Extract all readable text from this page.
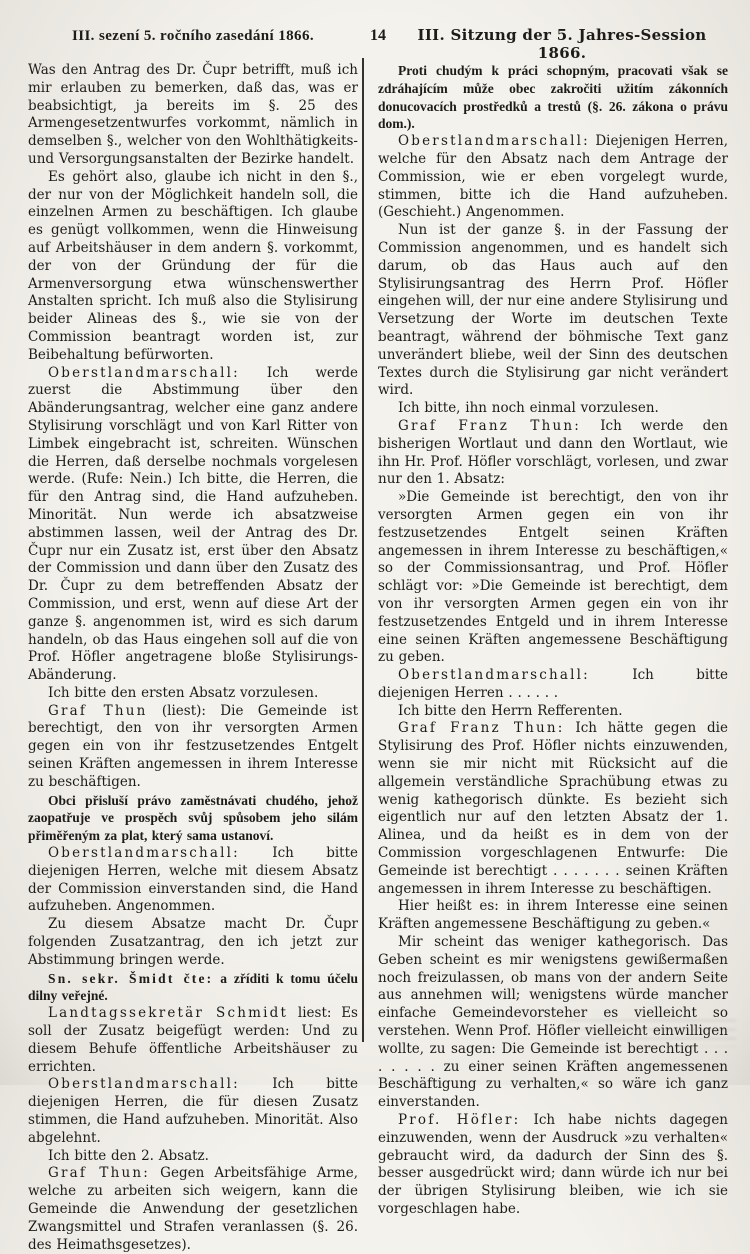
III. sezení 5. ročního zasedání 1866.	14	III. Sitzung der 5. Jahres-Session 1866.

Was den Antrag des Dr. Čupr betrifft, muß ich mir erlauben zu bemerken, daß das, was er beabsichtigt, ja bereits im §. 25 des Armengesetzentwurfes vorkommt, nämlich in demselben §., welcher von den Wohlthätigkeits- und Versorgungsanstalten der Bezirke handelt.

Es gehört also, glaube ich nicht in den §., der nur von der Möglichkeit handeln soll, die einzelnen Armen zu beschäftigen. Ich glaube es genügt vollkommen, wenn die Hinweisung auf Arbeitshäuser in dem andern §. vorkommt, der von der Gründung der für die Armenversorgung etwa wünschenswerther Anstalten spricht. Ich muß also die Stylisirung beider Alineas des §., wie sie von der Commission beantragt worden ist, zur Beibehaltung befürworten.

Oberstlandmarschall: Ich werde zuerst die Abstimmung über den Abänderungsantrag, welcher eine ganz andere Stylisirung vorschlägt und von Karl Ritter von Limbek eingebracht ist, schreiten. Wünschen die Herren, daß derselbe nochmals vorgelesen werde. (Rufe: Nein.) Ich bitte, die Herren, die für den Antrag sind, die Hand aufzuheben. Minorität. Nun werde ich absatzweise abstimmen lassen, weil der Antrag des Dr. Čupr nur ein Zusatz ist, erst über den Absatz der Commission und dann über den Zusatz des Dr. Čupr zu dem betreffenden Absatz der Commission, und erst, wenn auf diese Art der ganze §. angenommen ist, wird es sich darum handeln, ob das Haus eingehen soll auf die von Prof. Höfler angetragene bloße Stylisirungs-Abänderung.

Ich bitte den ersten Absatz vorzulesen.

Graf Thun (liest): Die Gemeinde ist berechtigt, den von ihr versorgten Armen gegen ein von ihr festzusetzendes Entgelt seinen Kräften angemessen in ihrem Interesse zu beschäftigen.

Obci přisluší právo zaměstnávati chudého, jehož zaopatřuje ve prospěch svůj spůsobem jeho silám přiměřeným za plat, který sama ustanoví.

Oberstlandmarschall: Ich bitte diejenigen Herren, welche mit diesem Absatz der Commission einverstanden sind, die Hand aufzuheben. Angenommen.

Zu diesem Absatze macht Dr. Čupr folgenden Zusatzantrag, den ich jetzt zur Abstimmung bringen werde.

Sn. sekr. Šmidt čte: a zříditi k tomu účelu dilny veřejné.

Landtagssekretär Schmidt liest: Es soll der Zusatz beigefügt werden: Und zu diesem Behufe öffentliche Arbeitshäuser zu errichten.

Oberstlandmarschall: Ich bitte diejenigen Herren, die für diesen Zusatz stimmen, die Hand aufzuheben. Minorität. Also abgelehnt.

Ich bitte den 2. Absatz.

Graf Thun: Gegen Arbeitsfähige Arme, welche zu arbeiten sich weigern, kann die Gemeinde die Anwendung der gesetzlichen Zwangsmittel und Strafen veranlassen (§. 26. des Heimathsgesetzes).

Proti chudým k práci schopným, pracovati však se zdráhajícím může obec zakročiti užitím zákonních donucovacích prostředků a trestů (§. 26. zákona o právu dom.).

Oberstlandmarschall: Diejenigen Herren, welche für den Absatz nach dem Antrage der Commission, wie er eben vorgelegt wurde, stimmen, bitte ich die Hand aufzuheben. (Geschieht.) Angenommen.

Nun ist der ganze §. in der Fassung der Commission angenommen, und es handelt sich darum, ob das Haus auch auf den Stylisirungsantrag des Herrn Prof. Höfler eingehen will, der nur eine andere Stylisirung und Versetzung der Worte im deutschen Texte beantragt, während der böhmische Text ganz unverändert bliebe, weil der Sinn des deutschen Textes durch die Stylisirung gar nicht verändert wird.

Ich bitte, ihn noch einmal vorzulesen.

Graf Franz Thun: Ich werde den bisherigen Wortlaut und dann den Wortlaut, wie ihn Hr. Prof. Höfler vorschlägt, vorlesen, und zwar nur den 1. Absatz:

»Die Gemeinde ist berechtigt, den von ihr versorgten Armen gegen ein von ihr festzusetzendes Entgelt seinen Kräften angemessen in ihrem Interesse zu beschäftigen,« so der Commissionsantrag, und Prof. Höfler schlägt vor: »Die Gemeinde ist berechtigt, dem von ihr versorgten Armen gegen ein von ihr festzusetzendes Entgeld und in ihrem Interesse eine seinen Kräften angemessene Beschäftigung zu geben.

Oberstlandmarschall:	Ich bitte diejenigen Herren . . . . . .

Ich bitte den Herrn Refferenten.

Graf Franz Thun: Ich hätte gegen die Stylisirung des Prof. Höfler nichts einzuwenden, wenn sie mir nicht mit Rücksicht auf die allgemein verständliche Sprachübung etwas zu wenig kathegorisch dünkte. Es bezieht sich eigentlich nur auf den letzten Absatz der 1. Alinea, und da heißt es in dem von der Commission vorgeschlagenen Entwurfe: Die Gemeinde ist berechtigt . . . . . . . seinen Kräften angemessen in ihrem Interesse zu beschäftigen.

Hier heißt es: in ihrem Interesse eine seinen Kräften angemessene Beschäftigung zu geben.«

Mir scheint das weniger kathegorisch. Das Geben scheint es mir wenigstens gewißermaßen noch freizulassen, ob mans von der andern Seite aus annehmen will; wenigstens würde mancher einfache Gemeindevorsteher es vielleicht so verstehen. Wenn Prof. Höfler vielleicht einwilligen wollte, zu sagen: Die Gemeinde ist berechtigt . . . . . . . . zu einer seinen Kräften angemessenen Beschäftigung zu verhalten,« so wäre ich ganz einverstanden.

Prof. Höfler: Ich habe nichts dagegen einzuwenden, wenn der Ausdruck »zu verhalten« gebraucht wird, da dadurch der Sinn des §. besser ausgedrückt wird; dann würde ich nur bei der übrigen Stylisirung bleiben, wie ich sie vorgeschlagen habe.
